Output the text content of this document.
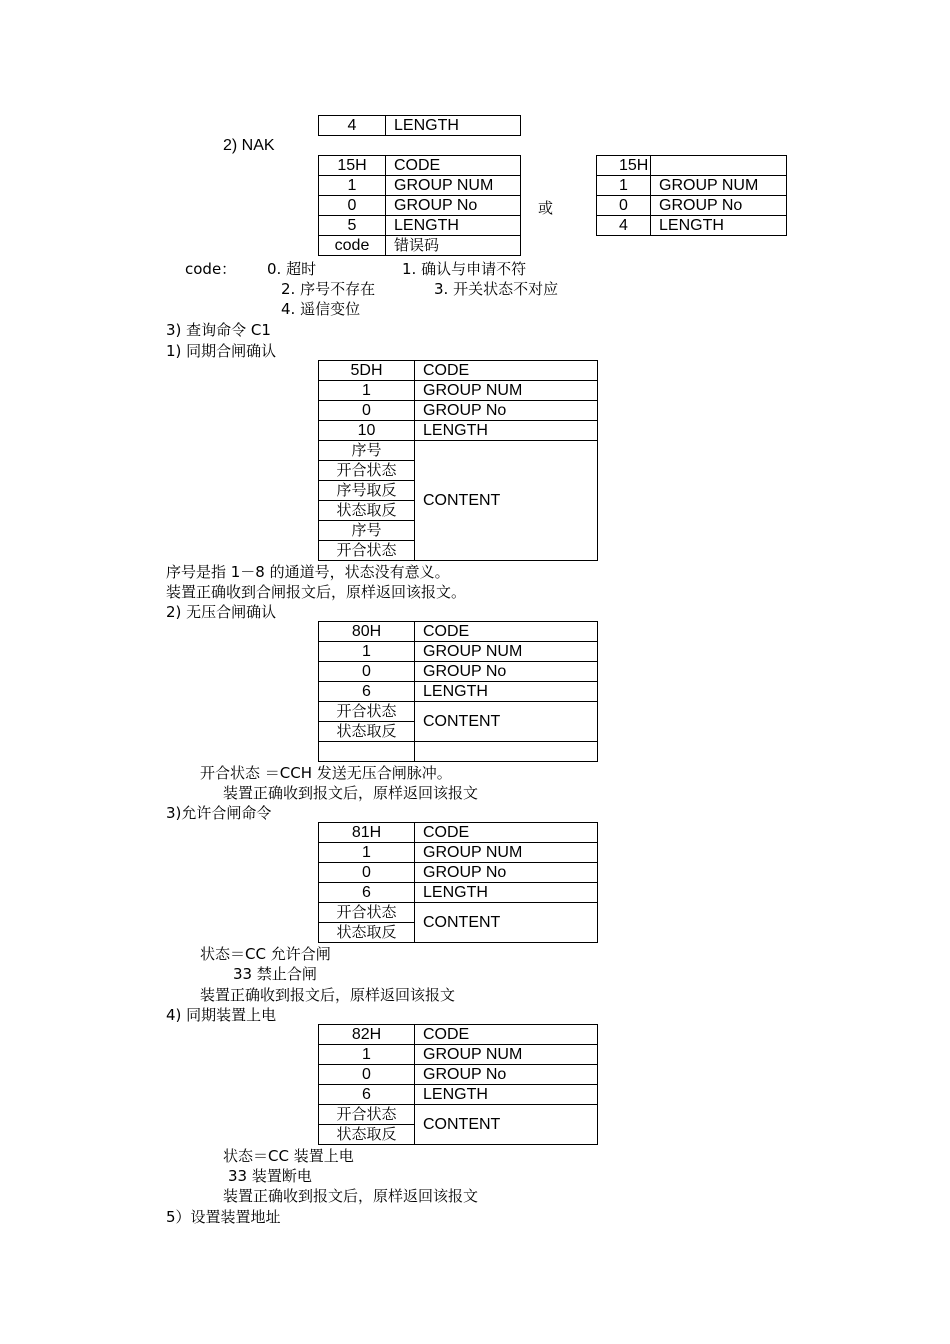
4	LENGTH
2) NAK
15H	CODE
1	GROUP NUM
0	GROUP No
5	LENGTH
code	错误码
或
15H	
1	GROUP NUM
0	GROUP No
4	LENGTH
code： 0. 超时	1. 确认与申请不符
2. 序号不存在	3. 开关状态不对应
4. 遥信变位
3) 查询命令 C1
1) 同期合闸确认
5DH	CODE
1	GROUP NUM
0	GROUP No
10	LENGTH
序号	CONTENT
开合状态	
序号取反	
状态取反	
序号	
开合状态	
序号是指 1－8 的通道号，状态没有意义。
装置正确收到合闸报文后，原样返回该报文。
2) 无压合闸确认
80H	CODE
1	GROUP NUM
0	GROUP No
6	LENGTH
开合状态	CONTENT
状态取反	

开合状态 ＝CCH 发送无压合闸脉冲。
装置正确收到报文后，原样返回该报文
3)允许合闸命令
81H	CODE
1	GROUP NUM
0	GROUP No
6	LENGTH
开合状态	CONTENT
状态取反	
状态＝CC 允许合闸
33 禁止合闸
装置正确收到报文后，原样返回该报文
4) 同期装置上电
82H	CODE
1	GROUP NUM
0	GROUP No
6	LENGTH
开合状态	CONTENT
状态取反	
状态＝CC 装置上电
33 装置断电
装置正确收到报文后，原样返回该报文
5）设置装置地址
